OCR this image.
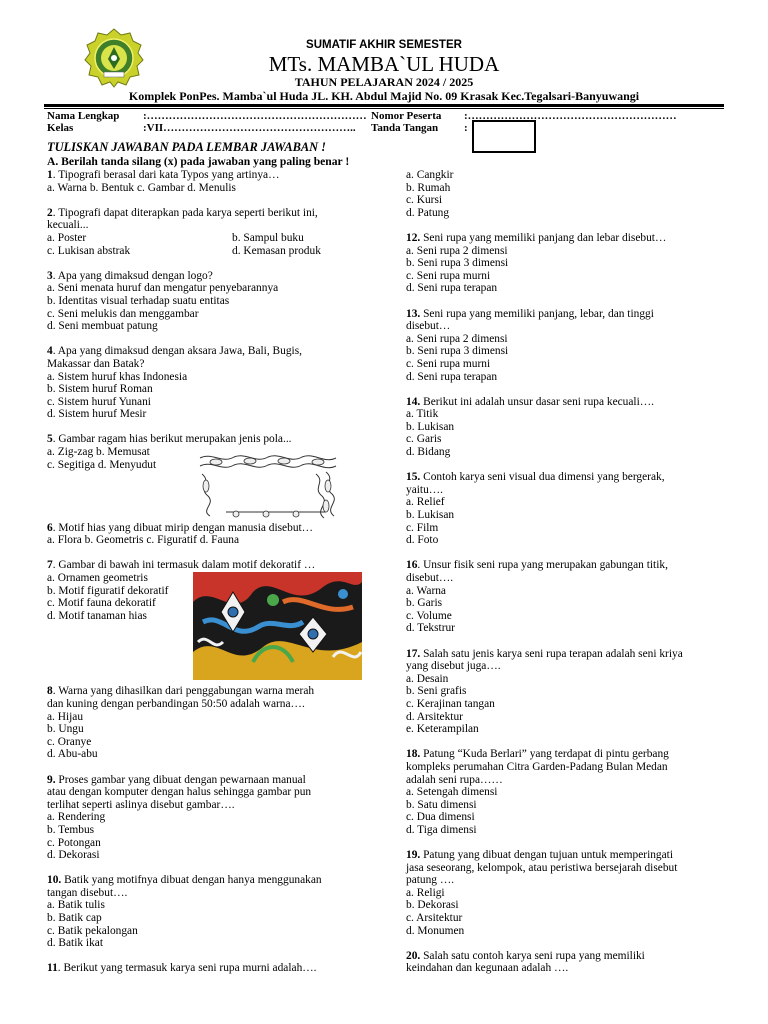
SUMATIF AKHIR SEMESTER
MTs. MAMBA`UL HUDA
TAHUN PELAJARAN 2024 / 2025
Komplek PonPes. Mamba`ul Huda JL. KH. Abdul Majid No. 09 Krasak Kec.Tegalsari-Banyuwangi
Nama Lengkap :…………………………………………………… Nomor Peserta :…………………………………………………
Kelas	:VII…………………………………………….. Tanda Tangan :
TULISKAN JAWABAN PADA LEMBAR JAWABAN !
A. Berilah tanda silang (x) pada jawaban yang paling benar !
1. Tipografi berasal dari kata Typos yang artinya…
a. Warna b. Bentuk c. Gambar d. Menulis
2. Tipografi dapat diterapkan pada karya seperti berikut ini,
kecuali...
a. Poster	b. Sampul buku

c. Lukisan abstrak	d. Kemasan produk

3. Apa yang dimaksud dengan logo?
a. Seni menata huruf dan mengatur penyebarannya
b. Identitas visual terhadap suatu entitas
c. Seni melukis dan menggambar
d. Seni membuat patung
4. Apa yang dimaksud dengan aksara Jawa, Bali, Bugis,
Makassar dan Batak?
a. Sistem huruf khas Indonesia
b. Sistem huruf Roman
c. Sistem huruf Yunani
d. Sistem huruf Mesir
5. Gambar ragam hias berikut merupakan jenis pola...
a. Zig-zag b. Memusat
c. Segitiga d. Menyudut
6. Motif hias yang dibuat mirip dengan manusia disebut…
a. Flora b. Geometris c. Figuratif d. Fauna
7. Gambar di bawah ini termasuk dalam motif dekoratif …
a. Ornamen geometris
b. Motif figuratif dekoratif
c. Motif fauna dekoratif
d. Motif tanaman hias
8. Warna yang dihasilkan dari penggabungan warna merah
dan kuning dengan perbandingan 50:50 adalah warna….
a. Hijau
b. Ungu
c. Oranye
d. Abu-abu
9. Proses gambar yang dibuat dengan pewarnaan manual
atau dengan komputer dengan halus sehingga gambar pun
terlihat seperti aslinya disebut gambar….
a. Rendering
b. Tembus
c. Potongan
d. Dekorasi
10. Batik yang motifnya dibuat dengan hanya menggunakan
tangan disebut….
a. Batik tulis
b. Batik cap
c. Batik pekalongan
d. Batik ikat
11. Berikut yang termasuk karya seni rupa murni adalah….
a. Cangkir
b. Rumah
c. Kursi
d. Patung
12. Seni rupa yang memiliki panjang dan lebar disebut…
a. Seni rupa 2 dimensi
b. Seni rupa 3 dimensi
c. Seni rupa murni
d. Seni rupa terapan
13. Seni rupa yang memiliki panjang, lebar, dan tinggi
disebut…
a. Seni rupa 2 dimensi
b. Seni rupa 3 dimensi
c. Seni rupa murni
d. Seni rupa terapan
14. Berikut ini adalah unsur dasar seni rupa kecuali….
a. Titik
b. Lukisan
c. Garis
d. Bidang
15. Contoh karya seni visual dua dimensi yang bergerak,
yaitu….
a. Relief
b. Lukisan
c. Film
d. Foto
16. Unsur fisik seni rupa yang merupakan gabungan titik,
disebut….
a. Warna
b. Garis
c. Volume
d. Tekstrur
17. Salah satu jenis karya seni rupa terapan adalah seni kriya
yang disebut juga….
a. Desain
b. Seni grafis
c. Kerajinan tangan
d. Arsitektur
e. Keterampilan
18. Patung “Kuda Berlari” yang terdapat di pintu gerbang
kompleks perumahan Citra Garden-Padang Bulan Medan
adalah seni rupa……
a. Setengah dimensi
b. Satu dimensi
c. Dua dimensi
d. Tiga dimensi
19. Patung yang dibuat dengan tujuan untuk memperingati
jasa seseorang, kelompok, atau peristiwa bersejarah disebut
patung ….
a. Religi
b. Dekorasi
c. Arsitektur
d. Monumen
20. Salah satu contoh karya seni rupa yang memiliki
keindahan dan kegunaan adalah ….
